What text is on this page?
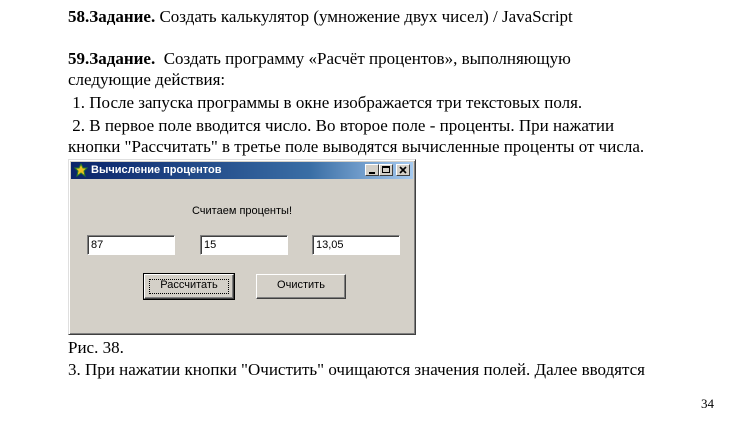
58.Задание. Создать калькулятор (умножение двух чисел) / JavaScript
59.Задание.  Создать программу «Расчёт процентов», выполняющую
следующие действия:
1. После запуска программы в окне изображается три текстовых поля.
2. В первое поле вводится число. Во второе поле - проценты. При нажатии
кнопки "Рассчитать" в третье поле выводятся вычисленные проценты от числа.
Вычисление процентов
Считаем проценты!
87	15	13,05
Рассчитать	Очистить
Рис. 38.
3. При нажатии кнопки "Очистить" очищаются значения полей. Далее вводятся
34
